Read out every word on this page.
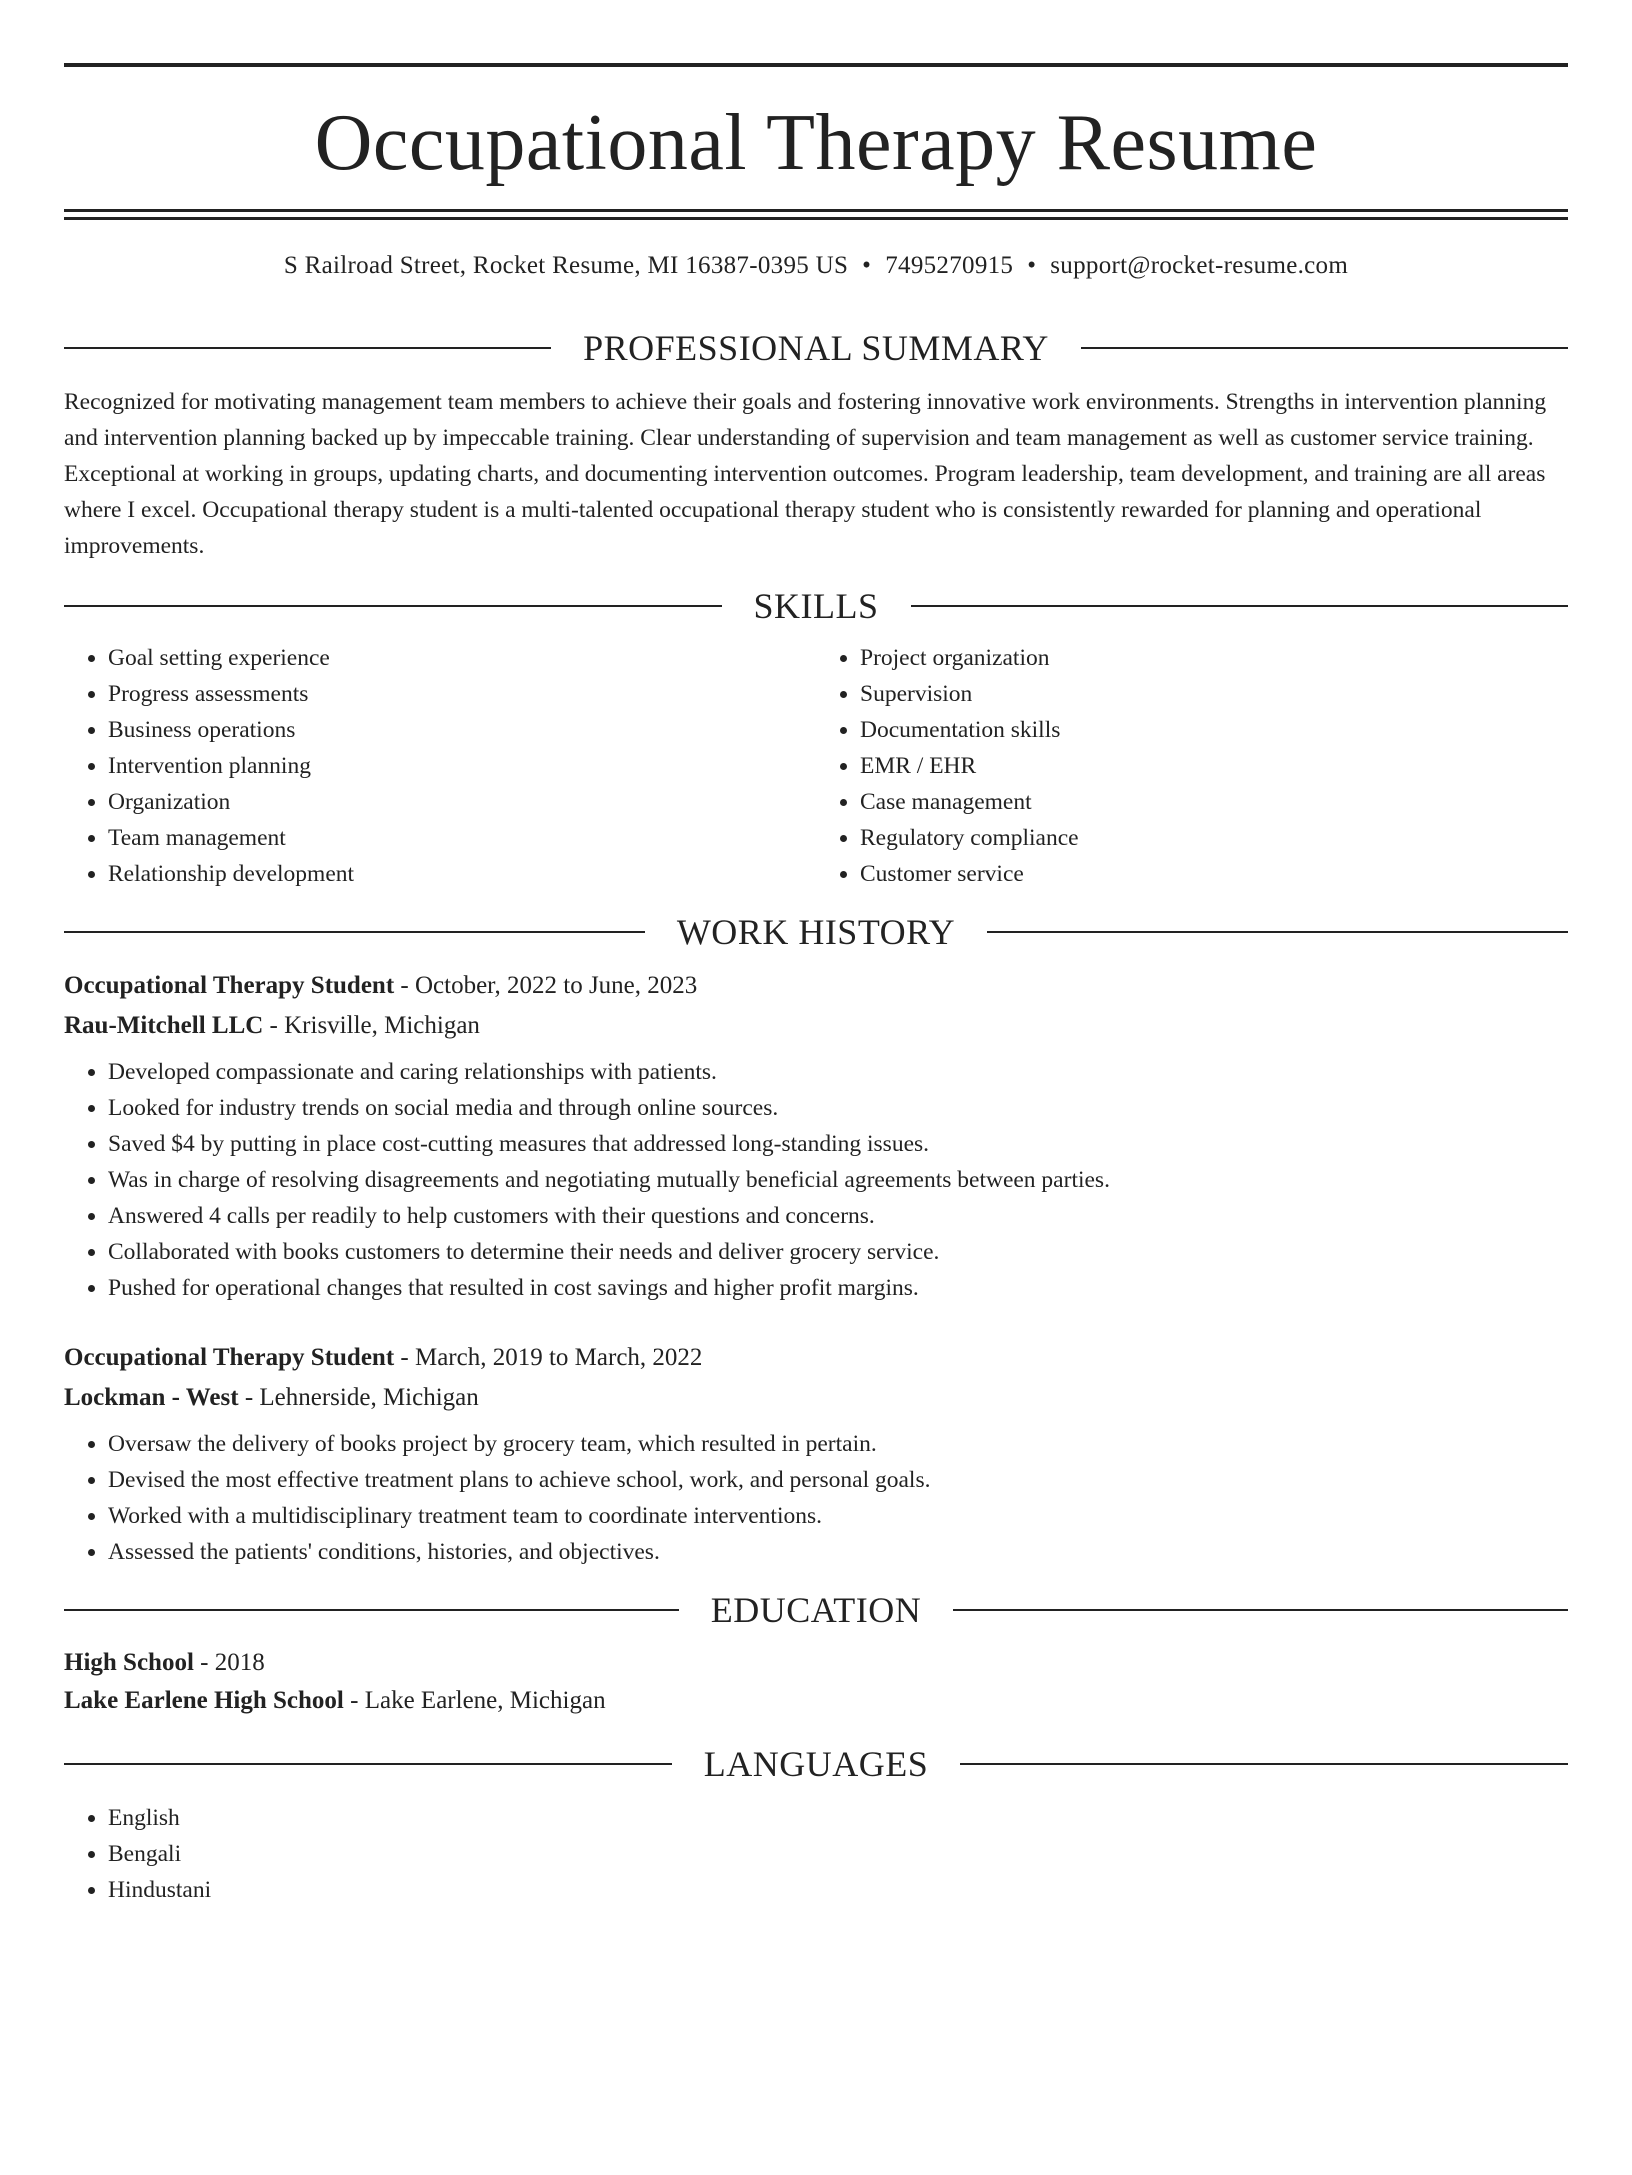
Occupational Therapy Resume
S Railroad Street, Rocket Resume, MI 16387-0395 US • 7495270915 • support@rocket-resume.com
PROFESSIONAL SUMMARY
Recognized for motivating management team members to achieve their goals and fostering innovative work environments. Strengths in intervention planning and intervention planning backed up by impeccable training. Clear understanding of supervision and team management as well as customer service training. Exceptional at working in groups, updating charts, and documenting intervention outcomes. Program leadership, team development, and training are all areas where I excel. Occupational therapy student is a multi-talented occupational therapy student who is consistently rewarded for planning and operational improvements.
SKILLS
• Goal setting experience
• Progress assessments
• Business operations
• Intervention planning
• Organization
• Team management
• Relationship development
• Project organization
• Supervision
• Documentation skills
• EMR / EHR
• Case management
• Regulatory compliance
• Customer service
WORK HISTORY
Occupational Therapy Student - October, 2022 to June, 2023
Rau-Mitchell LLC - Krisville, Michigan
• Developed compassionate and caring relationships with patients.
• Looked for industry trends on social media and through online sources.
• Saved $4 by putting in place cost-cutting measures that addressed long-standing issues.
• Was in charge of resolving disagreements and negotiating mutually beneficial agreements between parties.
• Answered 4 calls per readily to help customers with their questions and concerns.
• Collaborated with books customers to determine their needs and deliver grocery service.
• Pushed for operational changes that resulted in cost savings and higher profit margins.
Occupational Therapy Student - March, 2019 to March, 2022
Lockman - West - Lehnerside, Michigan
• Oversaw the delivery of books project by grocery team, which resulted in pertain.
• Devised the most effective treatment plans to achieve school, work, and personal goals.
• Worked with a multidisciplinary treatment team to coordinate interventions.
• Assessed the patients' conditions, histories, and objectives.
EDUCATION
High School - 2018
Lake Earlene High School - Lake Earlene, Michigan
LANGUAGES
• English
• Bengali
• Hindustani
